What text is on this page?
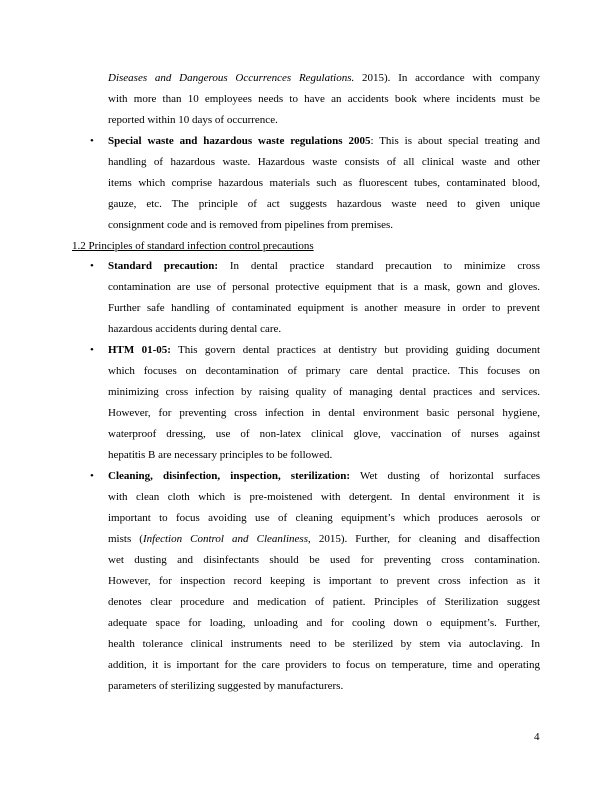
Diseases and Dangerous Occurrences Regulations. 2015). In accordance with company
with more than 10 employees needs to have an accidents book where incidents must be
reported within 10 days of occurrence.
• Special waste and hazardous waste regulations 2005: This is about special treating and
handling of hazardous waste. Hazardous waste consists of all clinical waste and other
items which comprise hazardous materials such as fluorescent tubes, contaminated blood,
gauze, etc. The principle of act suggests hazardous waste need to given unique
consignment code and is removed from pipelines from premises.
1.2 Principles of standard infection control precautions
• Standard precaution: In dental practice standard precaution to minimize cross
contamination are use of personal protective equipment that is a mask, gown and gloves.
Further safe handling of contaminated equipment is another measure in order to prevent
hazardous accidents during dental care.
• HTM 01-05: This govern dental practices at dentistry but providing guiding document
which focuses on decontamination of primary care dental practice. This focuses on
minimizing cross infection by raising quality of managing dental practices and services.
However, for preventing cross infection in dental environment basic personal hygiene,
waterproof dressing, use of non-latex clinical glove, vaccination of nurses against
hepatitis B are necessary principles to be followed.
• Cleaning, disinfection, inspection, sterilization: Wet dusting of horizontal surfaces
with clean cloth which is pre-moistened with detergent. In dental environment it is
important to focus avoiding use of cleaning equipment’s which produces aerosols or
mists (Infection Control and Cleanliness, 2015). Further, for cleaning and disaffection
wet dusting and disinfectants should be used for preventing cross contamination.
However, for inspection record keeping is important to prevent cross infection as it
denotes clear procedure and medication of patient. Principles of Sterilization suggest
adequate space for loading, unloading and for cooling down o equipment’s. Further,
health tolerance clinical instruments need to be sterilized by stem via autoclaving. In
addition, it is important for the care providers to focus on temperature, time and operating
parameters of sterilizing suggested by manufacturers.
4
